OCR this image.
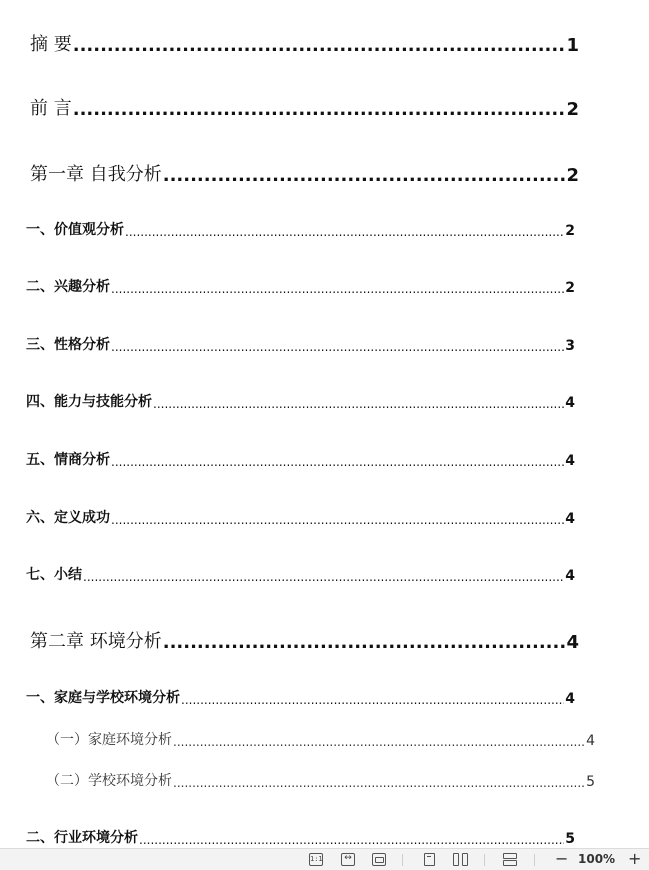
摘 要 .....	1
前 言 .....	2
第一章 自我分析 .....	2
一、价值观分析 .....	2
二、兴趣分析 .....	2
三、性格分析 .....	3
四、能力与技能分析 .....	4
五、情商分析 .....	4
六、定义成功 .....	4
七、小结 .....	4
第二章 环境分析 .....	4
一、家庭与学校环境分析 .....	4
（一）家庭环境分析 .....	4
（二）学校环境分析 .....	5
二、行业环境分析 .....	5
1:1	↔	− 100% +
